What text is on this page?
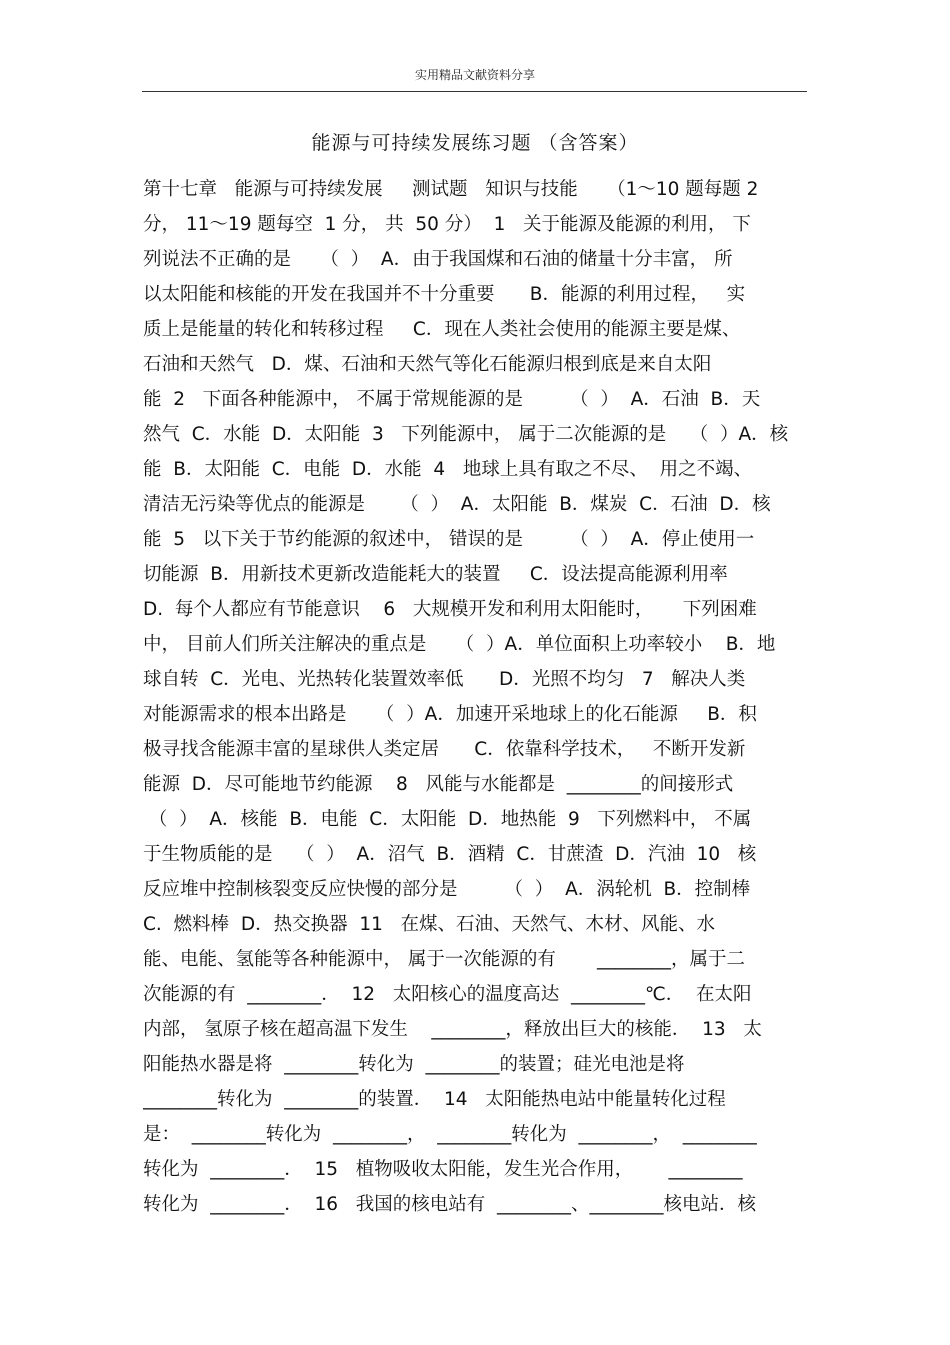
实用精品文献资料分享
能源与可持续发展练习题 （含答案）
第十七章   能源与可持续发展     测试题   知识与技能     （1～10 题每题 2
分， 11～19 题每空  1 分， 共  50 分）  1   关于能源及能源的利用， 下
列说法不正确的是     （  ）  A．由于我国煤和石油的储量十分丰富， 所
以太阳能和核能的开发在我国并不十分重要      B．能源的利用过程，   实
质上是能量的转化和转移过程     C．现在人类社会使用的能源主要是煤、
石油和天然气   D．煤、石油和天然气等化石能源归根到底是来自太阳
能  2   下面各种能源中， 不属于常规能源的是        （  ）  A．石油  B．天
然气  C．水能  D．太阳能  3   下列能源中， 属于二次能源的是    （  ）A．核
能  B．太阳能  C．电能  D．水能  4   地球上具有取之不尽、  用之不竭、
清洁无污染等优点的能源是      （  ）  A．太阳能  B．煤炭  C．石油  D．核
能  5   以下关于节约能源的叙述中， 错误的是        （  ）  A．停止使用一
切能源  B．用新技术更新改造能耗大的装置     C．设法提高能源利用率
D.  每个人都应有节能意识    6   大规模开发和利用太阳能时，     下列困难
中， 目前人们所关注解决的重点是     （  ）A．单位面积上功率较小    B．地
球自转  C．光电、光热转化装置效率低      D．光照不均匀   7   解决人类
对能源需求的根本出路是     （  ）A．加速开采地球上的化石能源     B．积
极寻找含能源丰富的星球供人类定居      C．依靠科学技术，   不断开发新
能源  D．尽可能地节约能源    8   风能与水能都是  ________的间接形式
（  ）  A．核能  B．电能  C．太阳能  D．地热能  9   下列燃料中， 不属
于生物质能的是    （  ）  A．沼气  B．酒精  C．甘蔗渣  D．汽油  10   核
反应堆中控制核裂变反应快慢的部分是        （  ）  A．涡轮机  B．控制棒
C.  燃料棒  D．热交换器  11   在煤、石油、天然气、木材、风能、水
能、电能、氢能等各种能源中， 属于一次能源的有       ________，属于二
次能源的有  ________．  12   太阳核心的温度高达  ________℃．  在太阳
内部， 氢原子核在超高温下发生    ________，释放出巨大的核能．  13   太
阳能热水器是将  ________转化为  ________的装置；硅光电池是将
________转化为  ________的装置．  14   太阳能热电站中能量转化过程
是：  ________转化为  ________，  ________转化为  ________，  ________
转化为  ________．  15   植物吸收太阳能，发生光合作用，      ________
转化为  ________．  16   我国的核电站有  ________、________核电站．核
